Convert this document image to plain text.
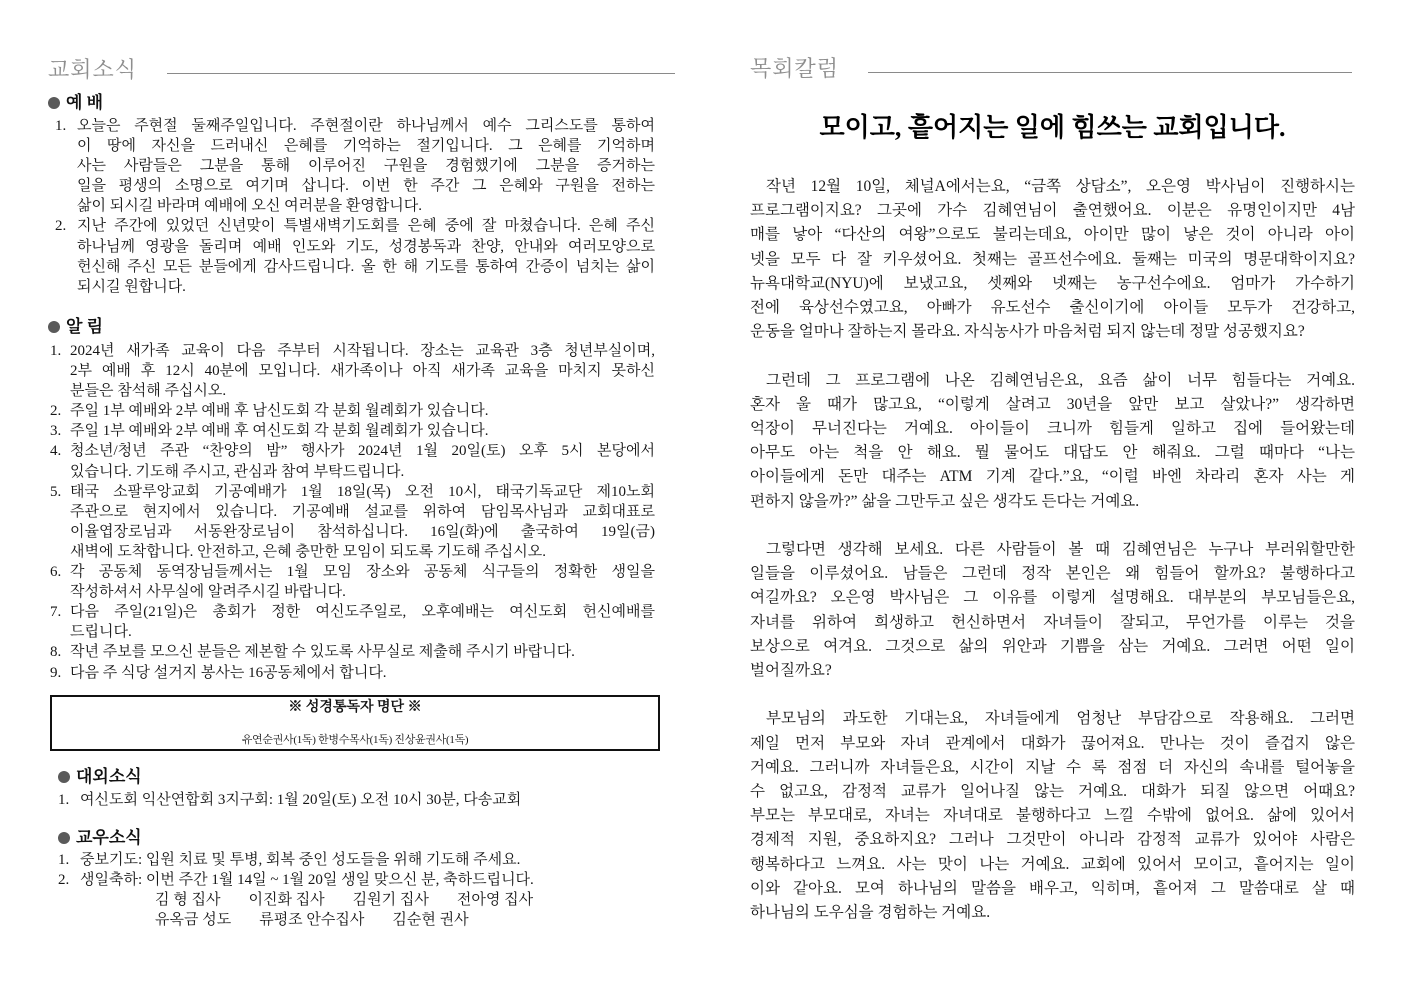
교회소식
예 배
1. 오늘은 주현절 둘째주일입니다. 주현절이란 하나님께서 예수 그리스도를 통하여
이 땅에 자신을 드러내신 은혜를 기억하는 절기입니다. 그 은혜를 기억하며
사는 사람들은 그분을 통해 이루어진 구원을 경험했기에 그분을 증거하는
일을 평생의 소명으로 여기며 삽니다. 이번 한 주간 그 은혜와 구원을 전하는
삶이 되시길 바라며 예배에 오신 여러분을 환영합니다.
2. 지난 주간에 있었던 신년맞이 특별새벽기도회를 은혜 중에 잘 마쳤습니다. 은혜 주신
하나님께 영광을 돌리며 예배 인도와 기도, 성경봉독과 찬양, 안내와 여러모양으로
헌신해 주신 모든 분들에게 감사드립니다. 올 한 해 기도를 통하여 간증이 넘치는 삶이
되시길 원합니다.
알 림
1. 2024년 새가족 교육이 다음 주부터 시작됩니다. 장소는 교육관 3층 청년부실이며,
2부 예배 후 12시 40분에 모입니다. 새가족이나 아직 새가족 교육을 마치지 못하신
분들은 참석해 주십시오.
2. 주일 1부 예배와 2부 예배 후 남신도회 각 분회 월례회가 있습니다.
3. 주일 1부 예배와 2부 예배 후 여신도회 각 분회 월례회가 있습니다.
4. 청소년/청년 주관 “찬양의 밤” 행사가 2024년 1월 20일(토) 오후 5시 본당에서
있습니다. 기도해 주시고, 관심과 참여 부탁드립니다.
5. 태국 소팔루앙교회 기공예배가 1월 18일(목) 오전 10시, 태국기독교단 제10노회
주관으로 현지에서 있습니다. 기공예배 설교를 위하여 담임목사님과 교회대표로
이율엽장로님과 서동완장로님이 참석하십니다. 16일(화)에 출국하여 19일(금)
새벽에 도착합니다. 안전하고, 은혜 충만한 모임이 되도록 기도해 주십시오.
6. 각 공동체 동역장님들께서는 1월 모임 장소와 공동체 식구들의 정확한 생일을
작성하셔서 사무실에 알려주시길 바랍니다.
7. 다음 주일(21일)은 총회가 정한 여신도주일로, 오후예배는 여신도회 헌신예배를
드립니다.
8. 작년 주보를 모으신 분들은 제본할 수 있도록 사무실로 제출해 주시기 바랍니다.
9. 다음 주 식당 설거지 봉사는 16공동체에서 합니다.
※ 성경통독자 명단 ※
유연순권사(1독) 한병수목사(1독) 진상윤권사(1독)
대외소식
1. 여신도회 익산연합회 3지구회: 1월 20일(토) 오전 10시 30분, 다송교회
교우소식
1. 중보기도: 입원 치료 및 투병, 회복 중인 성도들을 위해 기도해 주세요.
2. 생일축하: 이번 주간 1월 14일 ~ 1월 20일 생일 맞으신 분, 축하드립니다.
김 형 집사 이진화 집사 김원기 집사 전아영 집사
유옥금 성도 류평조 안수집사 김순현 권사
목회칼럼
모이고, 흩어지는 일에 힘쓰는 교회입니다.
작년 12월 10일, 체널A에서는요, “금쪽 상담소”, 오은영 박사님이 진행하시는
프로그램이지요? 그곳에 가수 김혜연님이 출연했어요. 이분은 유명인이지만 4남
매를 낳아 “다산의 여왕”으로도 불리는데요, 아이만 많이 낳은 것이 아니라 아이
넷을 모두 다 잘 키우셨어요. 첫째는 골프선수에요. 둘째는 미국의 명문대학이지요?
뉴욕대학교(NYU)에 보냈고요, 셋째와 넷째는 농구선수에요. 엄마가 가수하기
전에 육상선수였고요, 아빠가 유도선수 출신이기에 아이들 모두가 건강하고,
운동을 얼마나 잘하는지 몰라요. 자식농사가 마음처럼 되지 않는데 정말 성공했지요?
그런데 그 프로그램에 나온 김혜연님은요, 요즘 삶이 너무 힘들다는 거예요.
혼자 울 때가 많고요, “이렇게 살려고 30년을 앞만 보고 살았나?” 생각하면
억장이 무너진다는 거예요. 아이들이 크니까 힘들게 일하고 집에 들어왔는데
아무도 아는 척을 안 해요. 뭘 물어도 대답도 안 해줘요. 그럴 때마다 “나는
아이들에게 돈만 대주는 ATM 기계 같다.”요, “이럴 바엔 차라리 혼자 사는 게
편하지 않을까?” 삶을 그만두고 싶은 생각도 든다는 거예요.
그렇다면 생각해 보세요. 다른 사람들이 볼 때 김혜연님은 누구나 부러워할만한
일들을 이루셨어요. 남들은 그런데 정작 본인은 왜 힘들어 할까요? 불행하다고
여길까요? 오은영 박사님은 그 이유를 이렇게 설명해요. 대부분의 부모님들은요,
자녀를 위하여 희생하고 헌신하면서 자녀들이 잘되고, 무언가를 이루는 것을
보상으로 여겨요. 그것으로 삶의 위안과 기쁨을 삼는 거예요. 그러면 어떤 일이
벌어질까요?
부모님의 과도한 기대는요, 자녀들에게 엄청난 부담감으로 작용해요. 그러면
제일 먼저 부모와 자녀 관계에서 대화가 끊어져요. 만나는 것이 즐겁지 않은
거예요. 그러니까 자녀들은요, 시간이 지날 수 록 점점 더 자신의 속내를 털어놓을
수 없고요, 감정적 교류가 일어나질 않는 거예요. 대화가 되질 않으면 어때요?
부모는 부모대로, 자녀는 자녀대로 불행하다고 느낄 수밖에 없어요. 삶에 있어서
경제적 지원, 중요하지요? 그러나 그것만이 아니라 감정적 교류가 있어야 사람은
행복하다고 느껴요. 사는 맛이 나는 거예요. 교회에 있어서 모이고, 흩어지는 일이
이와 같아요. 모여 하나님의 말씀을 배우고, 익히며, 흩어져 그 말씀대로 살 때
하나님의 도우심을 경험하는 거예요.
